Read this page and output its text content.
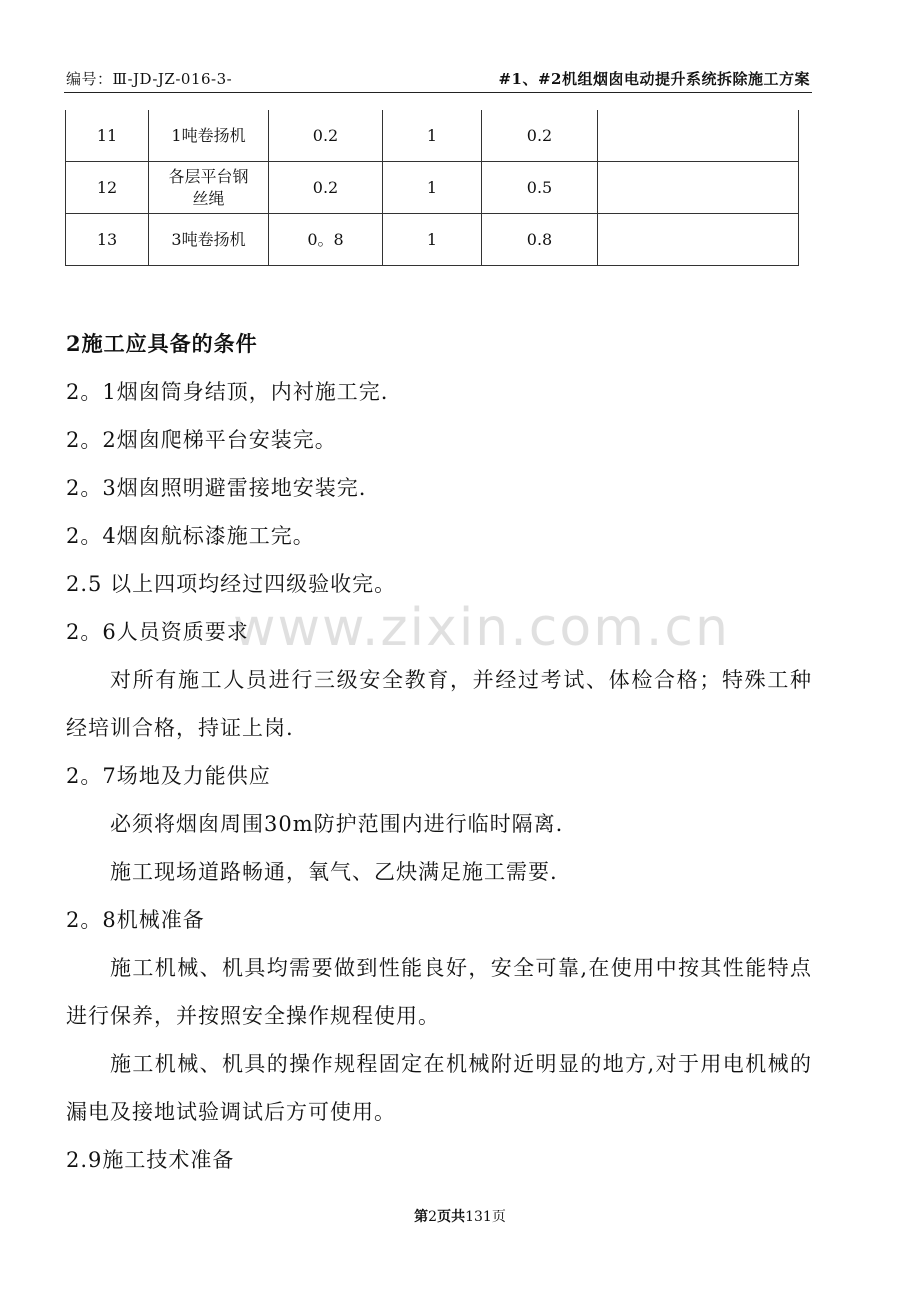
编号：Ⅲ-JD-JZ-016-3-	#1、#2机组烟囱电动提升系统拆除施工方案
11	1吨卷扬机	0.2	1	0.2	
12	各层平台钢丝绳	0.2	1	0.5	
13	3吨卷扬机	0。8	1	0.8	
2施工应具备的条件
2。1烟囱筒身结顶，内衬施工完.
2。2烟囱爬梯平台安装完。
2。3烟囱照明避雷接地安装完.
2。4烟囱航标漆施工完。
2.5 以上四项均经过四级验收完。
2。6人员资质要求
对所有施工人员进行三级安全教育，并经过考试、体检合格；特殊工种经培训合格，持证上岗.
2。7场地及力能供应
必须将烟囱周围30m防护范围内进行临时隔离.
施工现场道路畅通，氧气、乙炔满足施工需要.
2。8机械准备
施工机械、机具均需要做到性能良好，安全可靠,在使用中按其性能特点进行保养，并按照安全操作规程使用。
施工机械、机具的操作规程固定在机械附近明显的地方,对于用电机械的漏电及接地试验调试后方可使用。
2.9施工技术准备
www.zixin.com.cn
第2页共131页
